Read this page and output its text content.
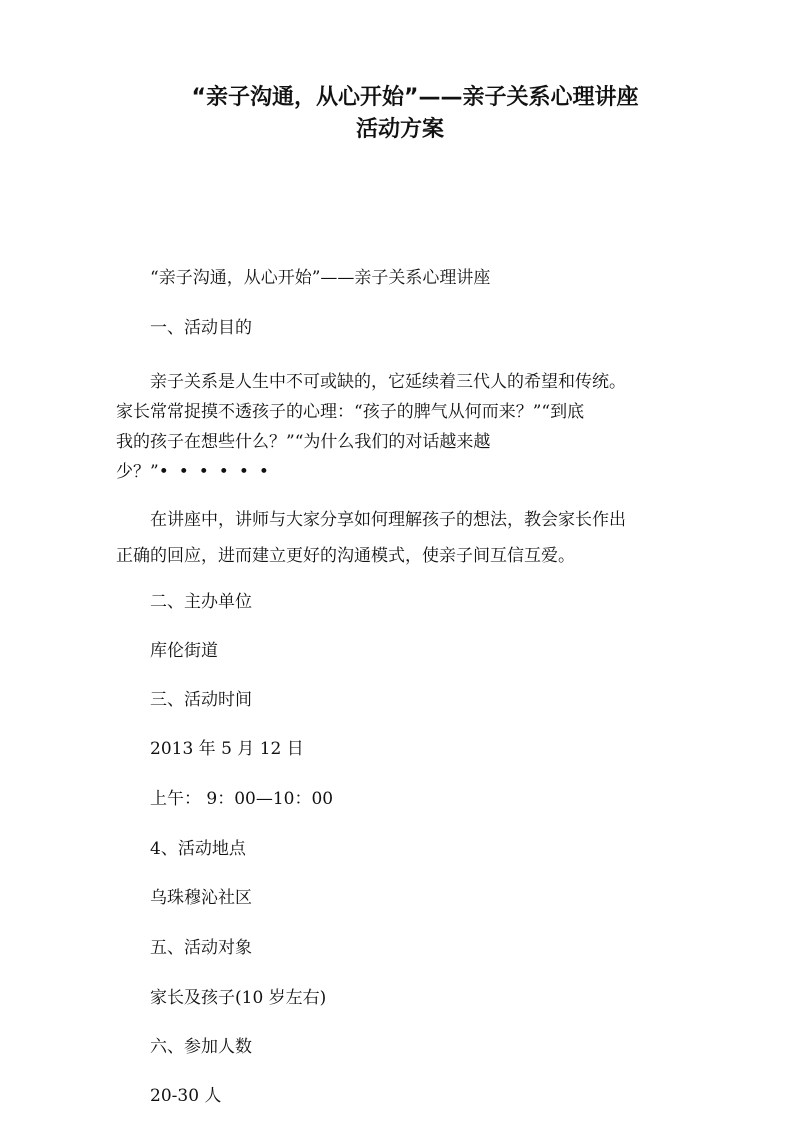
“亲子沟通，从心开始”——亲子关系心理讲座
活动方案

“亲子沟通，从心开始”——亲子关系心理讲座

一、活动目的

亲子关系是人生中不可或缺的，它延续着三代人的希望和传统。

家长常常捉摸不透孩子的心理：“孩子的脾气从何而来？”“到底

我的孩子在想些什么？”“为什么我们的对话越来越

少？”••••••

在讲座中，讲师与大家分享如何理解孩子的想法，教会家长作出

正确的回应，进而建立更好的沟通模式，使亲子间互信互爱。

二、主办单位

库伦街道

三、活动时间

2013 年 5 月 12 日

上午： 9：00—10：00

4、活动地点

乌珠穆沁社区

五、活动对象

家长及孩子(10 岁左右)

六、参加人数

20-30 人
